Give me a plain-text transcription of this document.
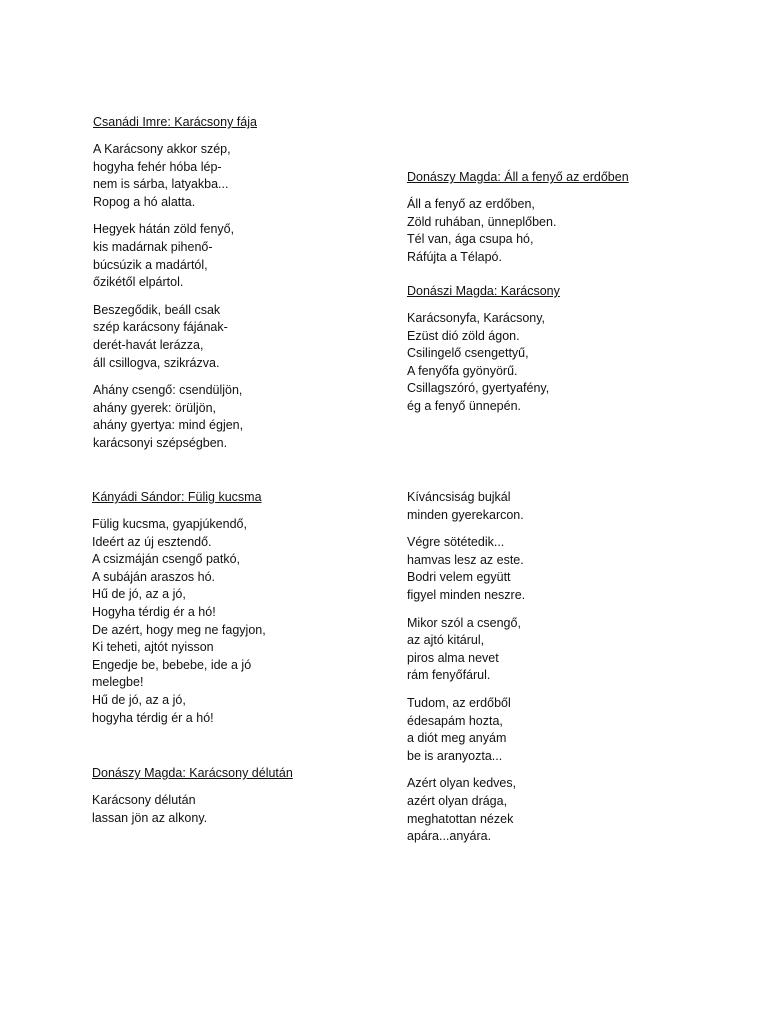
Csanádi Imre: Karácsony fája
A Karácsony akkor szép,
hogyha fehér hóba lép-
nem is sárba, latyakba...
Ropog a hó alatta.
Hegyek hátán zöld fenyő,
kis madárnak pihenő-
búcsúzik a madártól,
őzikétől elpártol.
Beszegődik, beáll csak
szép karácsony fájának-
derét-havát lerázza,
áll csillogva, szikrázva.
Ahány csengő: csendüljön,
ahány gyerek: örüljön,
ahány gyertya: mind égjen,
karácsonyi szépségben.
Donászy Magda: Áll a fenyő az erdőben
Áll a fenyő az erdőben,
Zöld ruhában, ünneplőben.
Tél van, ága csupa hó,
Ráfújta a Télapó.
Donászi Magda: Karácsony
Karácsonyfa, Karácsony,
Ezüst dió zöld ágon.
Csilingelő csengettyű,
A fenyőfa gyönyörű.
Csillagszóró, gyertyafény,
ég a fenyő ünnepén.
Kányádi Sándor: Fülig kucsma
Fülig kucsma, gyapjúkendő,
Ideért az új esztendő.
A csizmáján csengő patkó,
A subáján araszos hó.
Hű de jó, az a jó,
Hogyha térdig ér a hó!
De azért, hogy meg ne fagyjon,
Ki teheti, ajtót nyisson
Engedje be, bebebe, ide a jó
melegbe!
Hű de jó, az a jó,
hogyha térdig ér a hó!
Donászy Magda: Karácsony délután
Karácsony délután
lassan jön az alkony.
Kíváncsiság bujkál
minden gyerekarcon.
Végre sötétedik...
hamvas lesz az este.
Bodri velem együtt
figyel minden neszre.
Mikor szól a csengő,
az ajtó kitárul,
piros alma nevet
rám fenyőfárul.
Tudom, az erdőből
édesapám hozta,
a diót meg anyám
be is aranyozta...
Azért olyan kedves,
azért olyan drága,
meghatottan nézek
apára...anyára.
